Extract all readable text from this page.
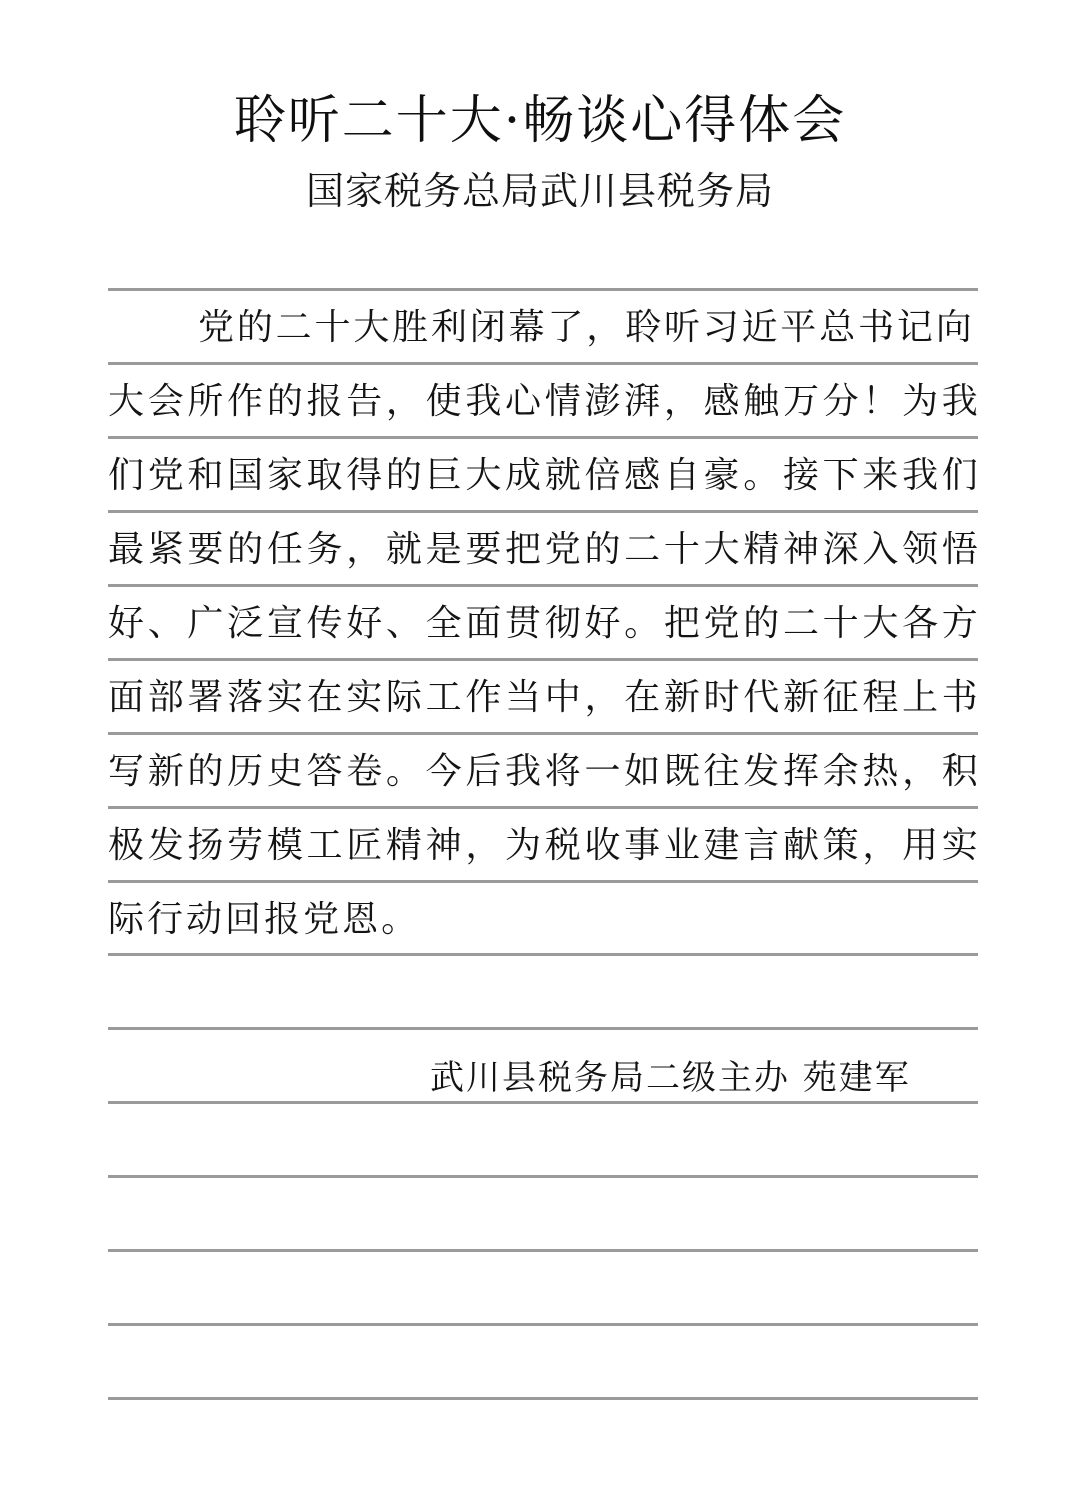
聆听二十大·畅谈心得体会
国家税务总局武川县税务局
党 的 二 十 大 胜 利 闭 幕 了 ， 聆 听 习 近 平 总 书 记 向
大 会 所 作 的 报 告 ， 使 我 心 情 澎 湃 ， 感 触 万 分 ！ 为 我
们 党 和 国 家 取 得 的 巨 大 成 就 倍 感 自 豪 。 接 下 来 我 们
最 紧 要 的 任 务 ， 就 是 要 把 党 的 二 十 大 精 神 深 入 领 悟
好 、 广 泛 宣 传 好 、 全 面 贯 彻 好 。 把 党 的 二 十 大 各 方
面 部 署 落 实 在 实 际 工 作 当 中 ， 在 新 时 代 新 征 程 上 书
写 新 的 历 史 答 卷 。 今 后 我 将 一 如 既 往 发 挥 余 热 ， 积
极 发 扬 劳 模 工 匠 精 神 ， 为 税 收 事 业 建 言 献 策 ， 用 实
际 行 动 回 报 党 恩 。
武川县税务局二级主办 苑建军
